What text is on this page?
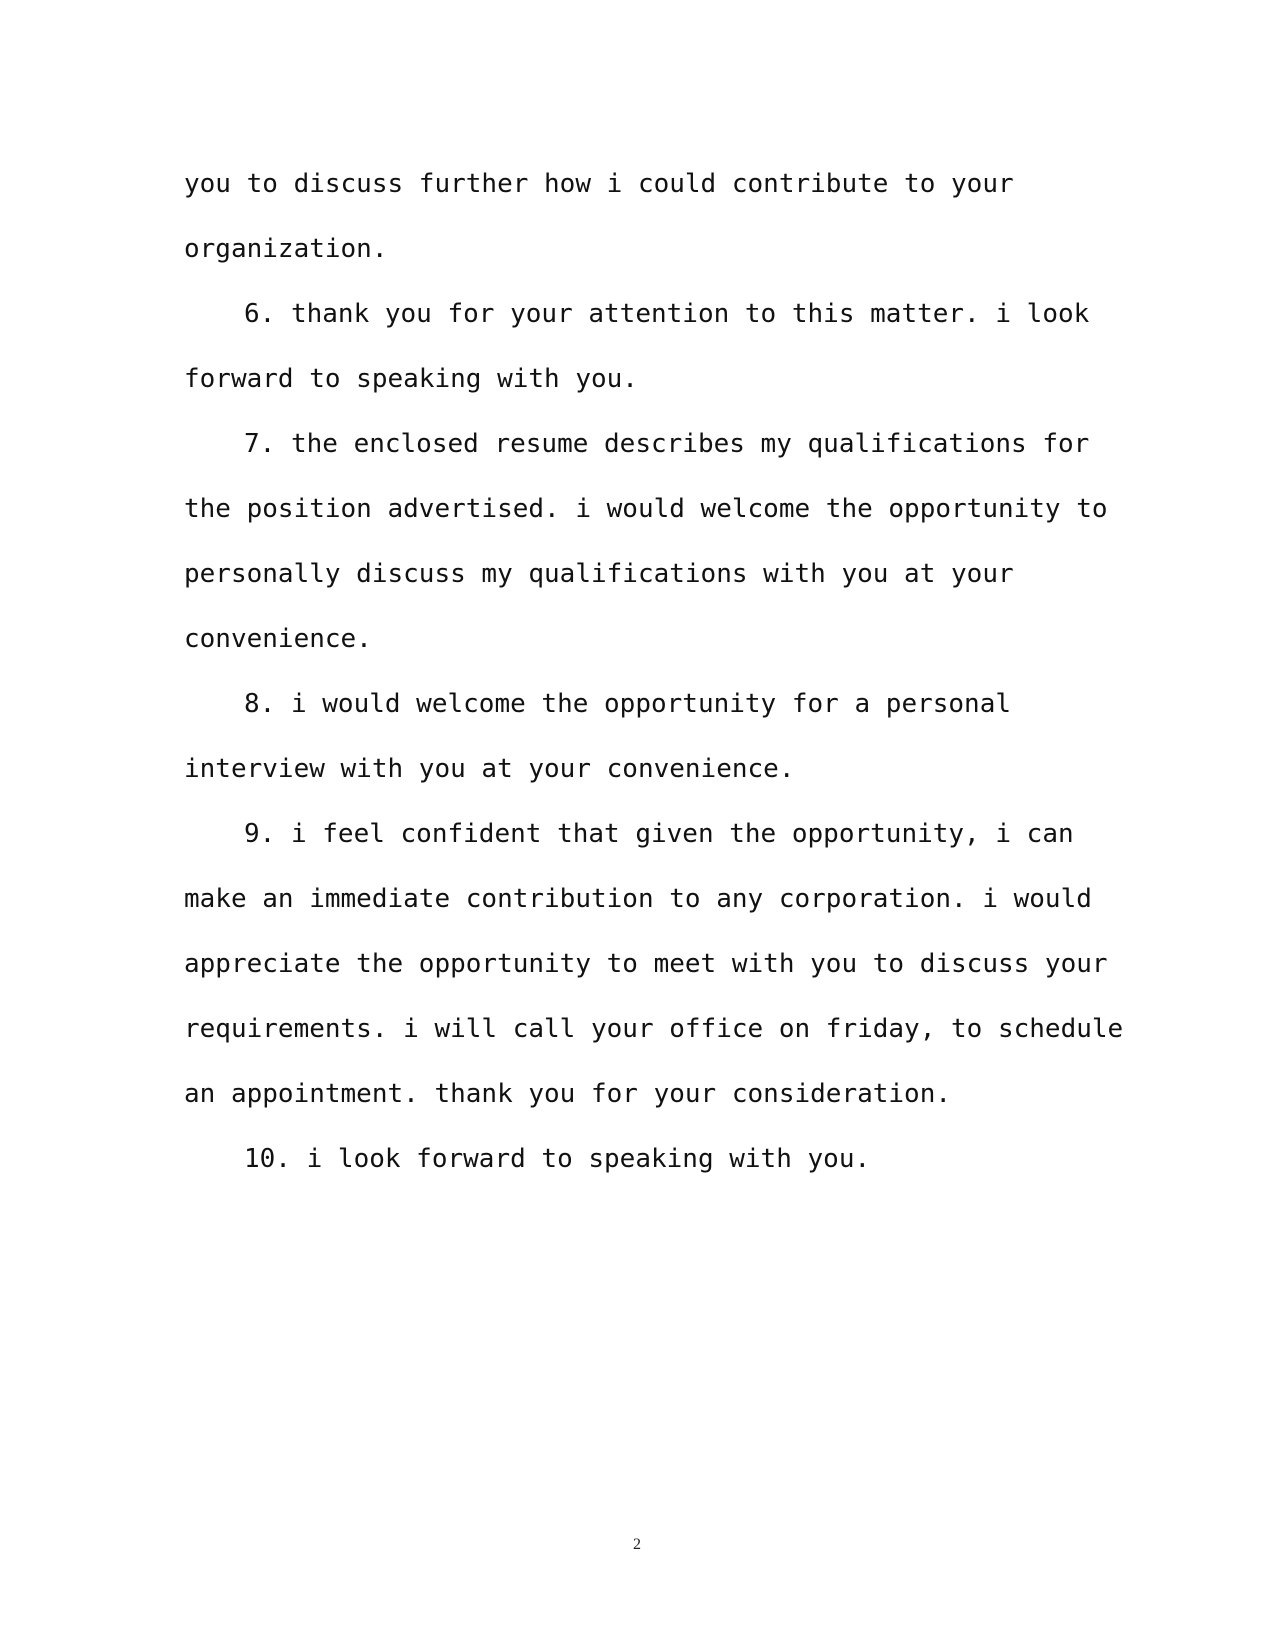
you to discuss further how i could contribute to your
organization.

6. thank you for your attention to this matter. i look
forward to speaking with you.

7. the enclosed resume describes my qualifications for
the position advertised. i would welcome the opportunity to
personally discuss my qualifications with you at your
convenience.

8. i would welcome the opportunity for a personal
interview with you at your convenience.

9. i feel confident that given the opportunity, i can
make an immediate contribution to any corporation. i would
appreciate the opportunity to meet with you to discuss your
requirements. i will call your office on friday, to schedule
an appointment. thank you for your consideration.

10. i look forward to speaking with you.

2
